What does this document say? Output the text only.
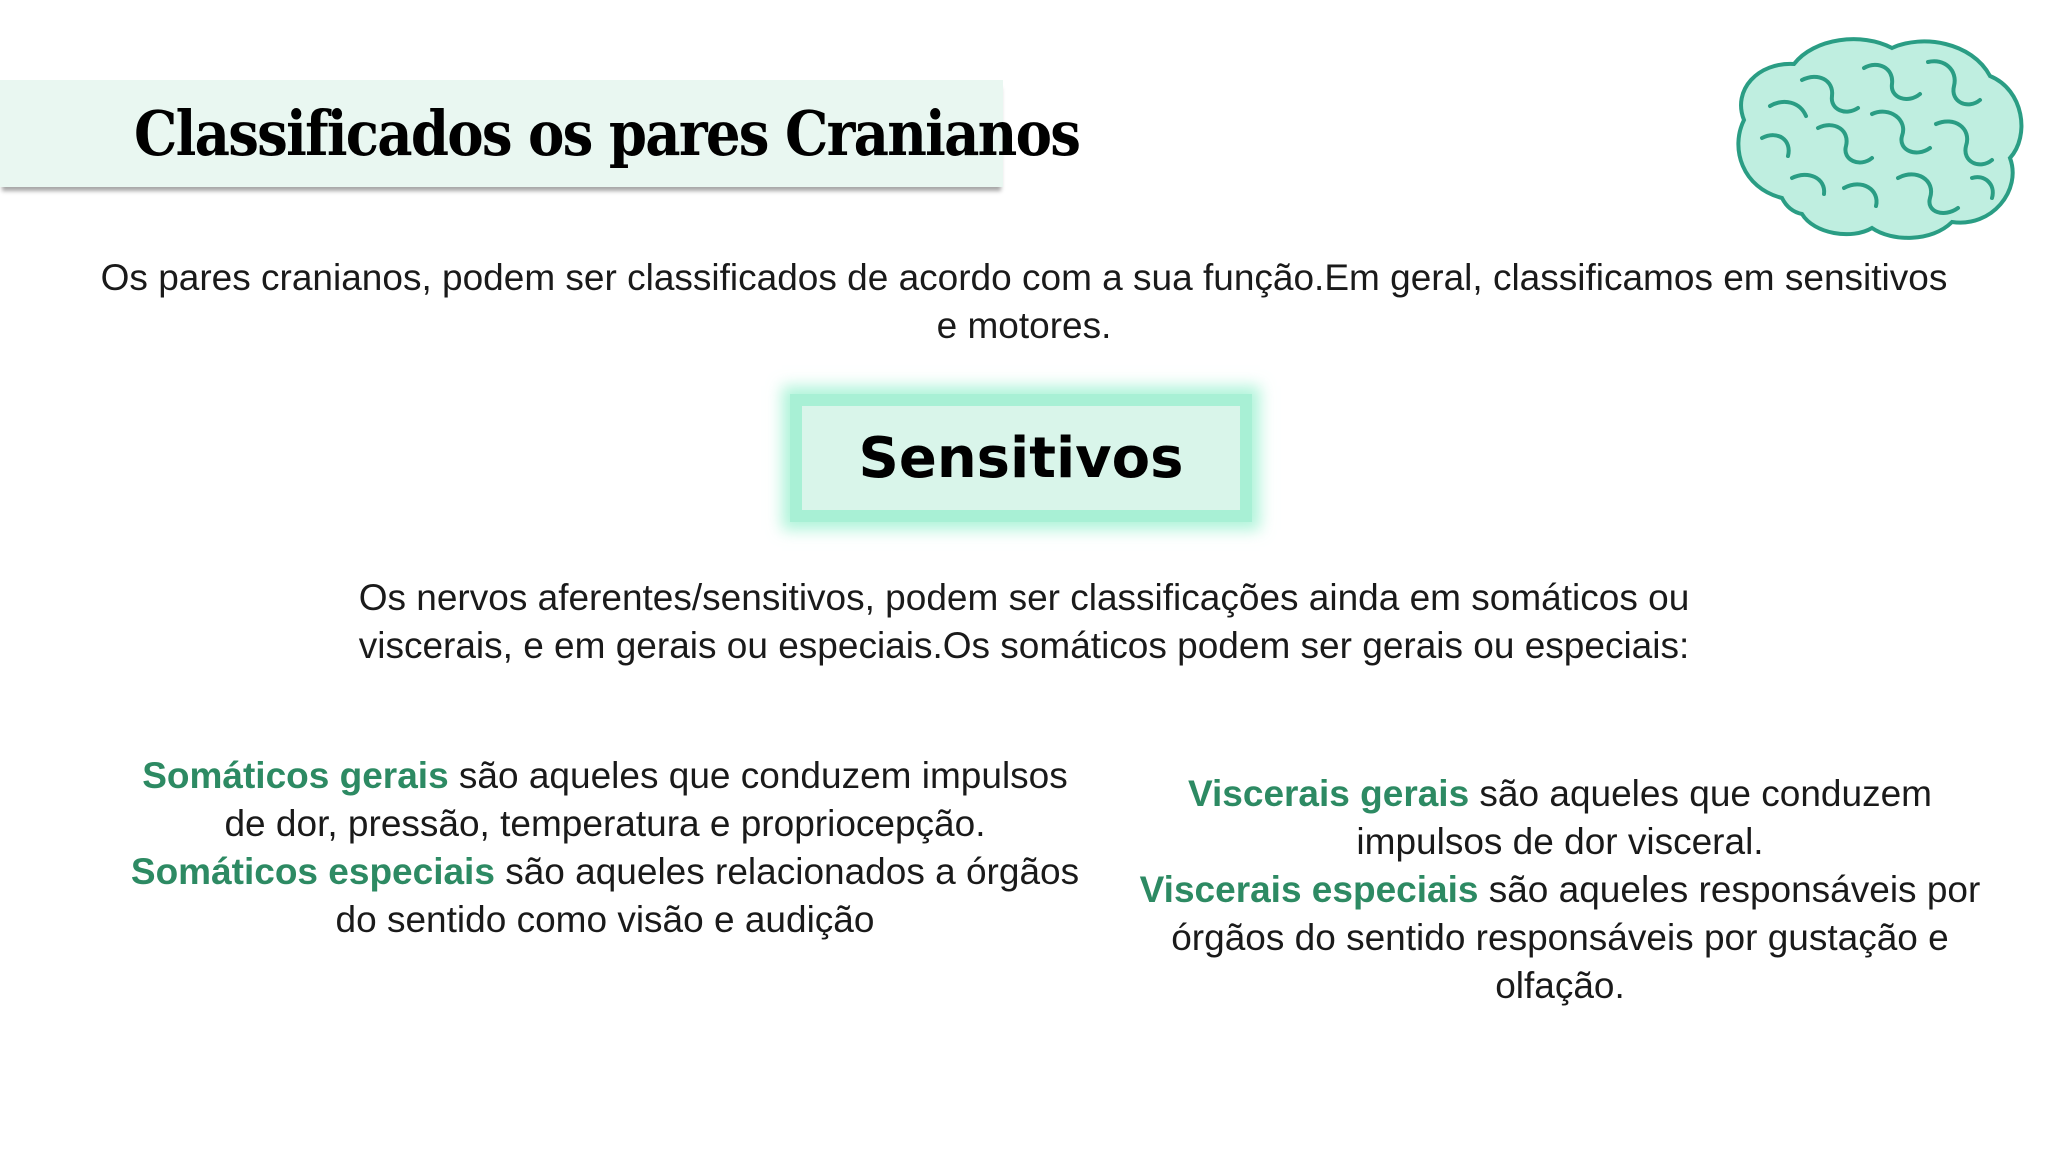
Classificados os pares Cranianos
Os pares cranianos, podem ser classificados de acordo com a sua função.Em geral, classificamos em sensitivos e motores.
Sensitivos
Os nervos aferentes/sensitivos, podem ser classificações ainda em somáticos ou viscerais, e em gerais ou especiais.Os somáticos podem ser gerais ou especiais:
Somáticos gerais são aqueles que conduzem impulsos de dor, pressão, temperatura e propriocepção.
Somáticos especiais são aqueles relacionados a órgãos do sentido como visão e audição
Viscerais gerais são aqueles que conduzem impulsos de dor visceral.
Viscerais especiais são aqueles responsáveis por órgãos do sentido responsáveis por gustação e olfação.
